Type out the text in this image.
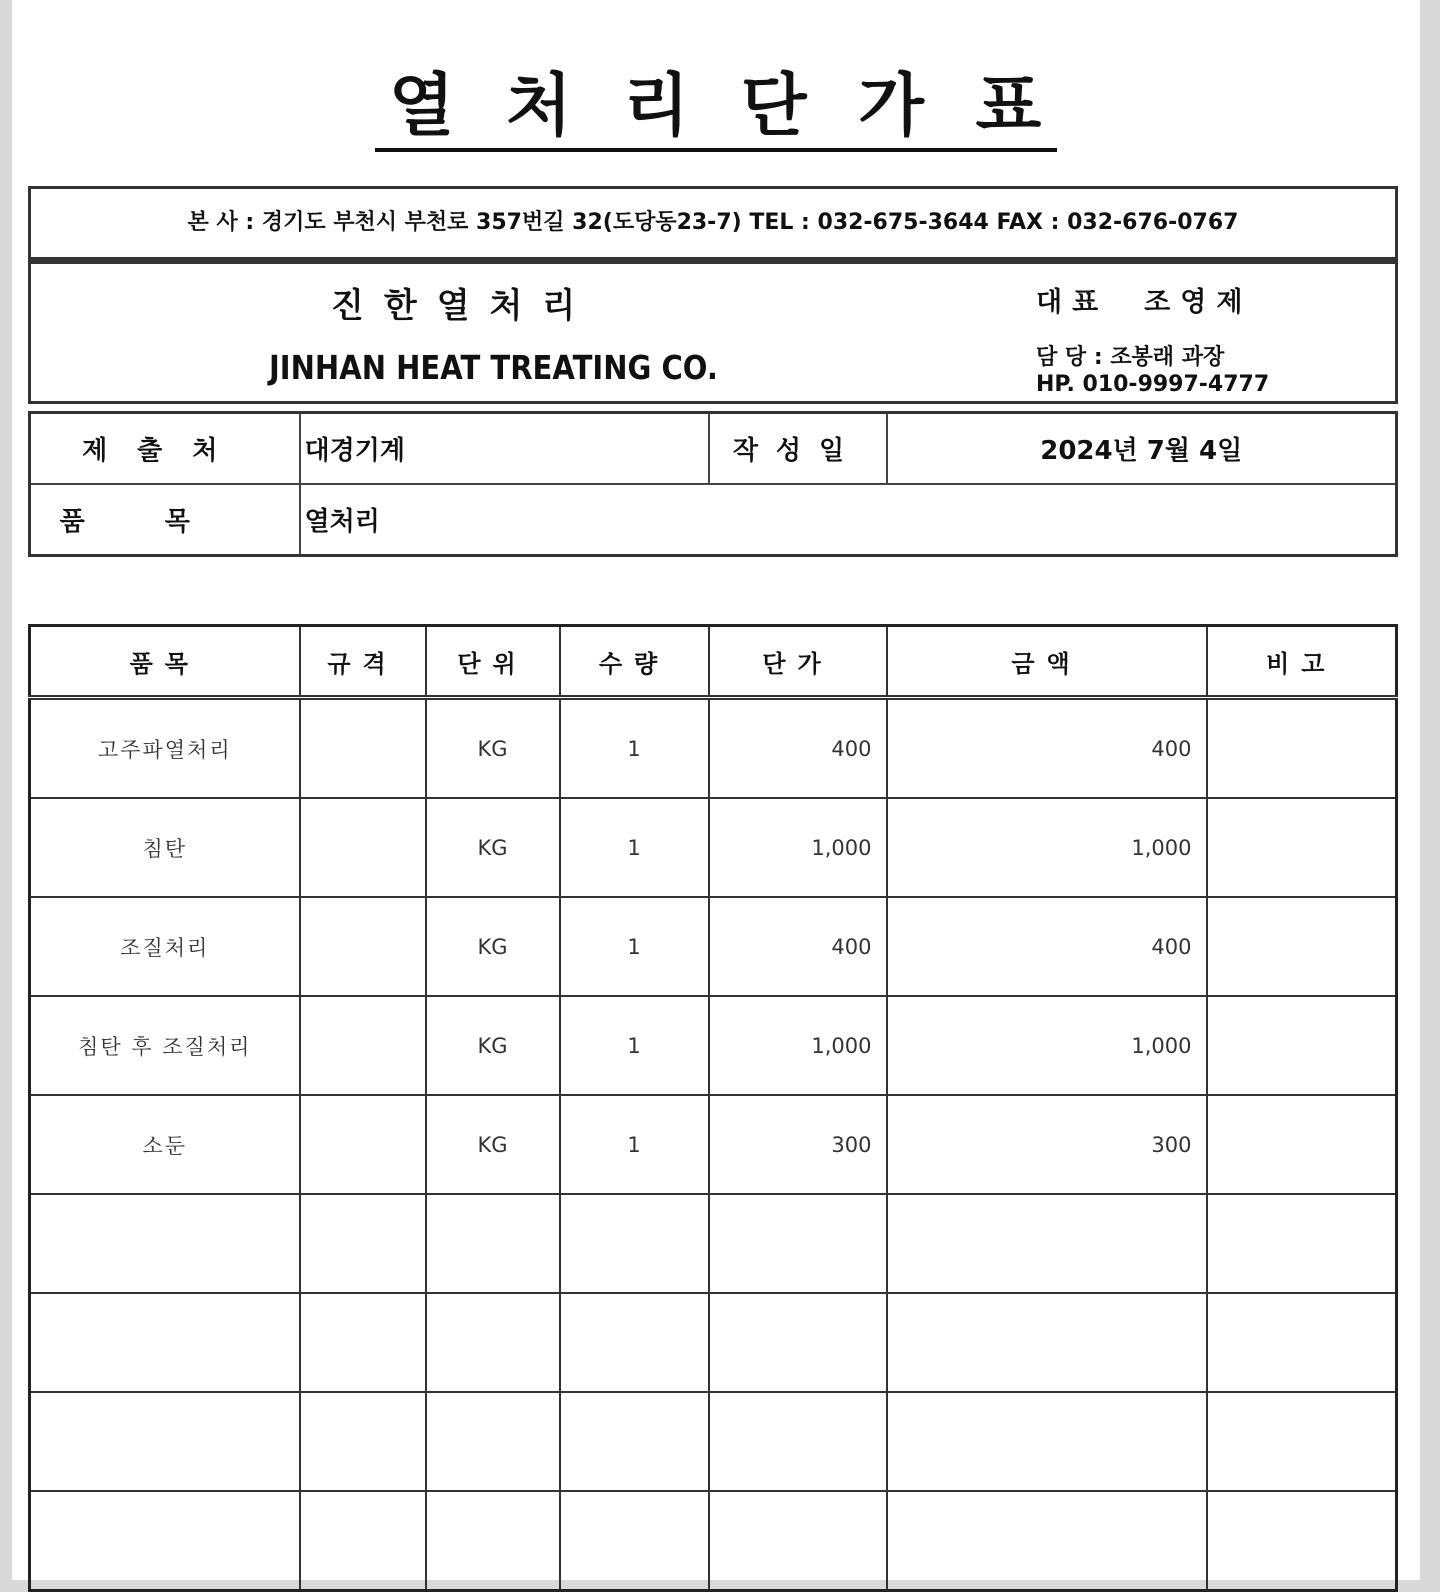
열 처 리 단 가 표
본 사 : 경기도 부천시 부천로 357번길 32(도당동23-7) TEL : 032-675-3644 FAX : 032-676-0767
진한열처리
JINHAN HEAT TREATING CO.
대표 조영제
담 당 : 조봉래 과장
HP. 010-9997-4777
제출처	대경기계	작성일	2024년 7월 4일
품목	열처리		
품목	규격	단위	수량	단가	금액	비고
고주파열처리		KG	1	400	400	
침탄		KG	1	1,000	1,000	
조질처리		KG	1	400	400	
침탄 후 조질처리		KG	1	1,000	1,000	
소둔		KG	1	300	300	
